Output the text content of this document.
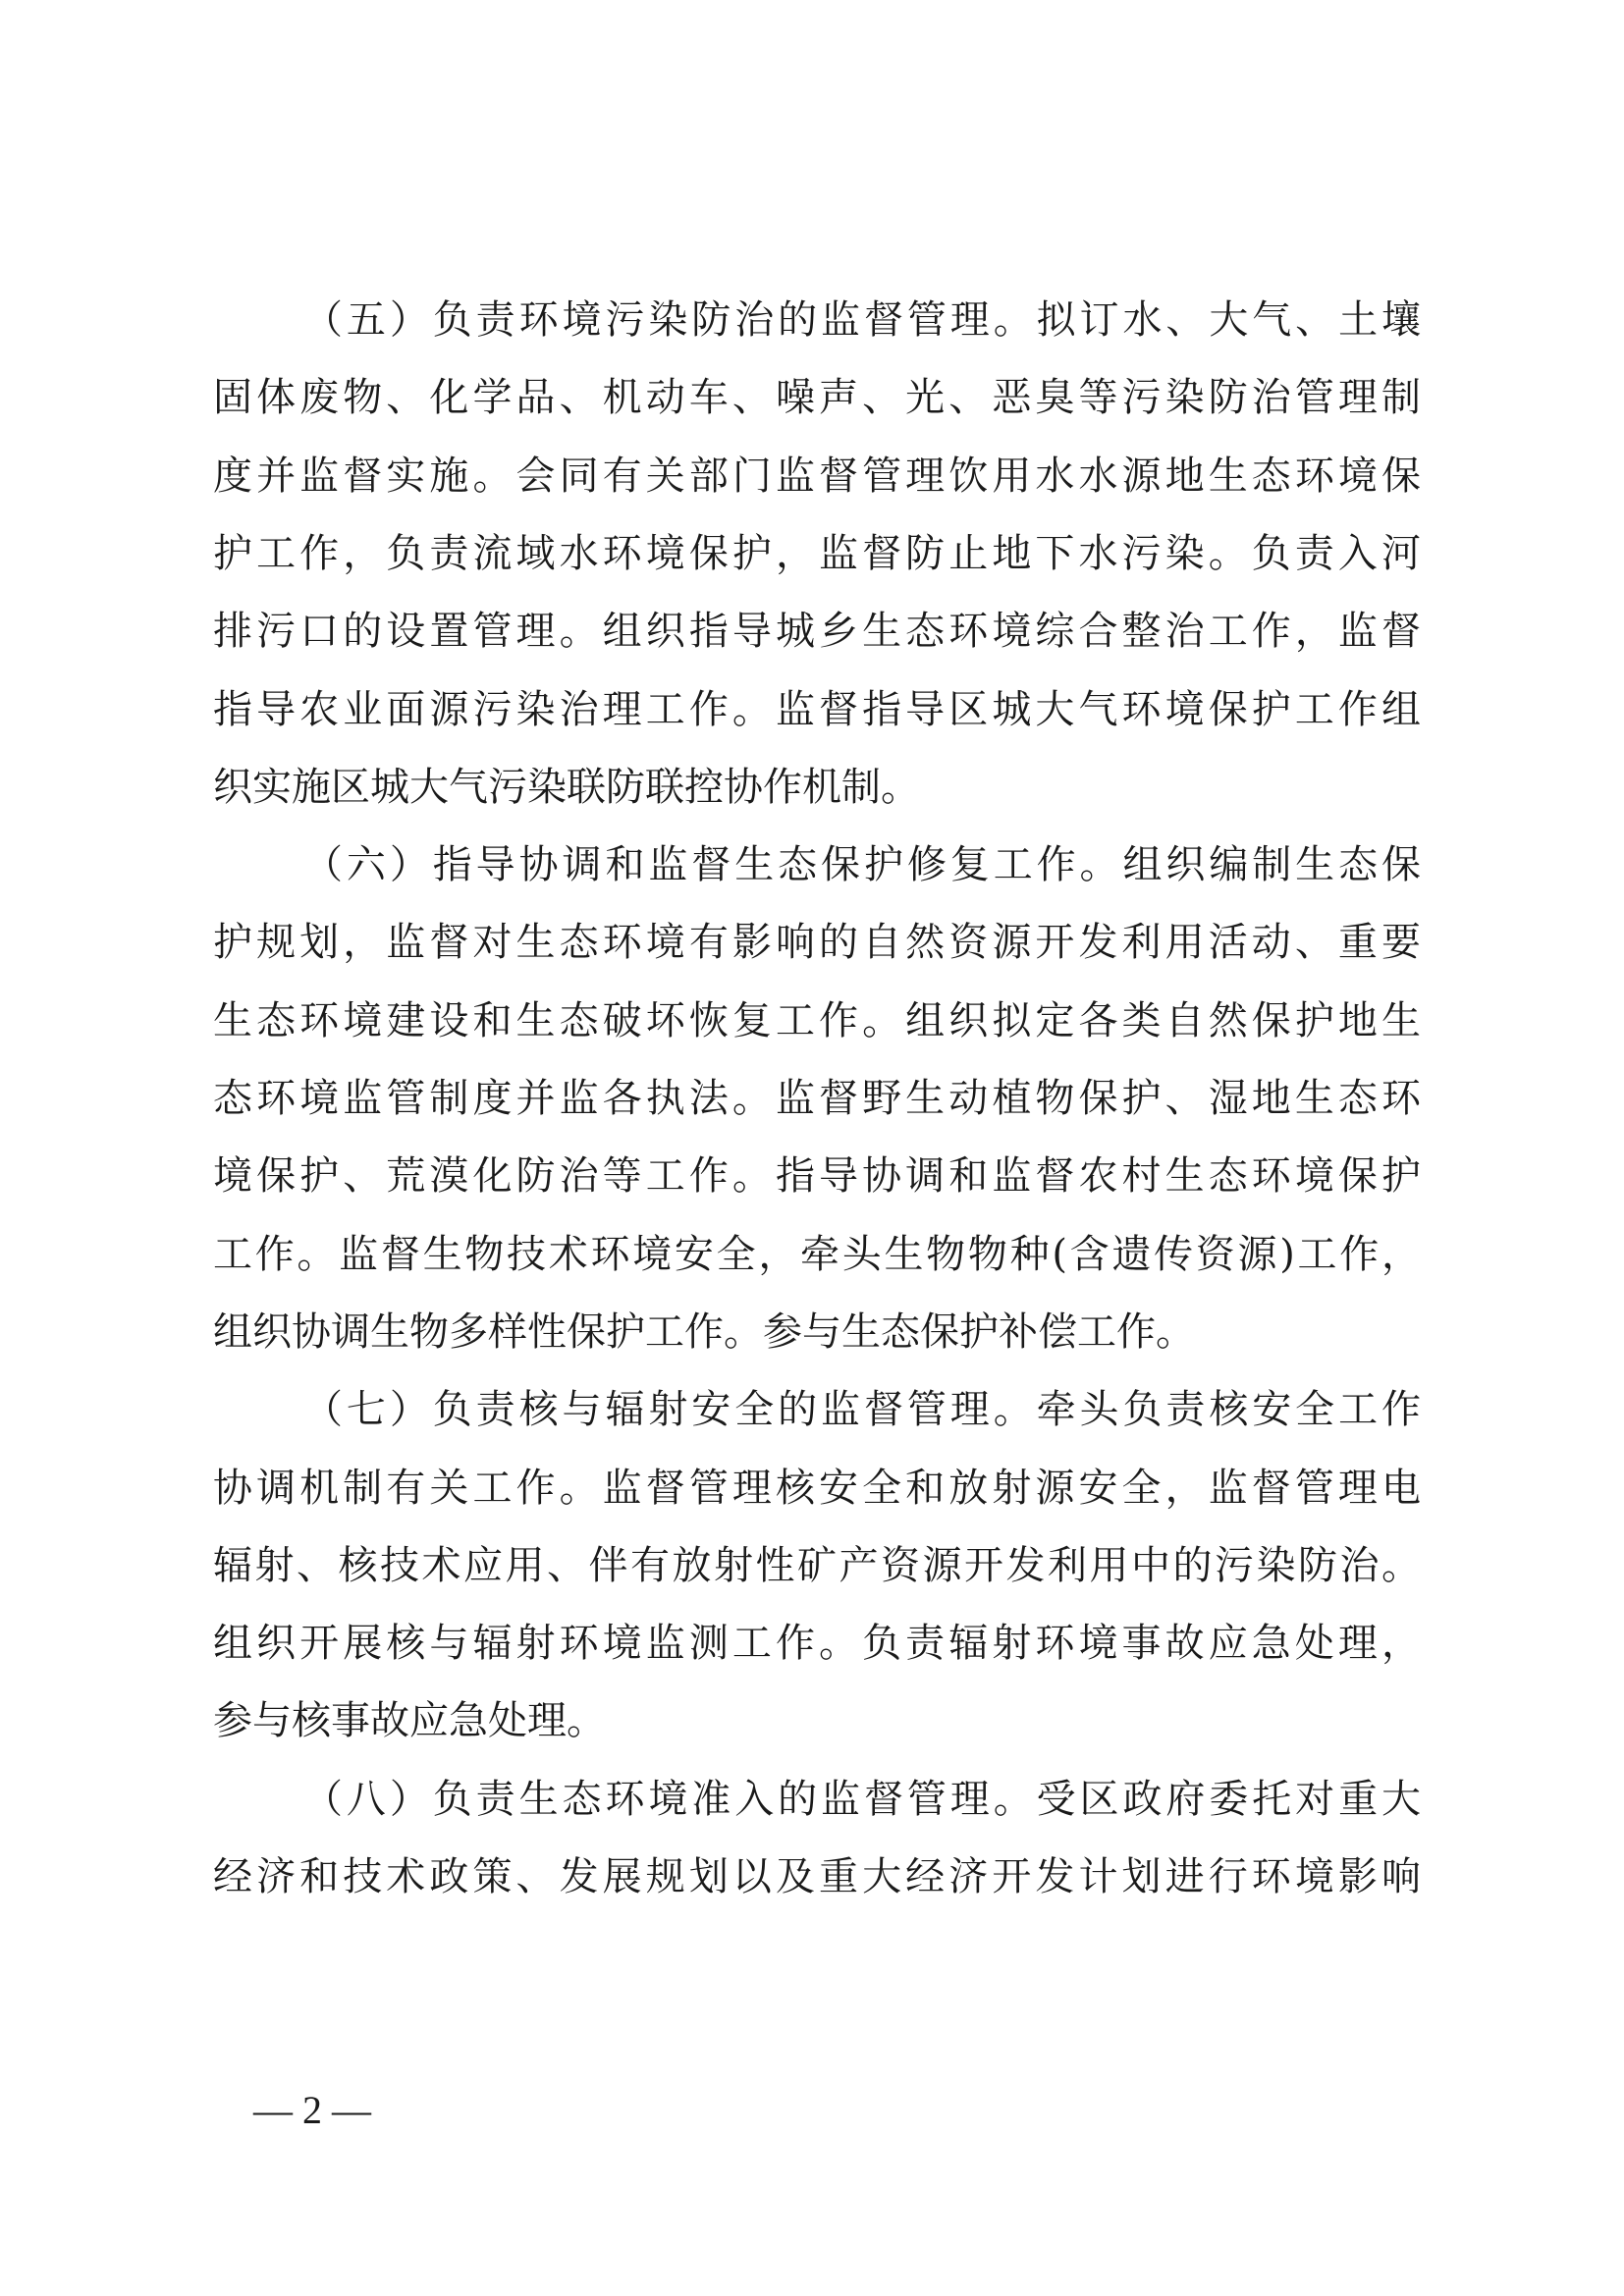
（五）负责环境污染防治的监督管理。拟订水、大气、土壤
固体废物、化学品、机动车、噪声、光、恶臭等污染防治管理制
度并监督实施。会同有关部门监督管理饮用水水源地生态环境保
护工作，负责流域水环境保护，监督防止地下水污染。负责入河
排污口的设置管理。组织指导城乡生态环境综合整治工作，监督
指导农业面源污染治理工作。监督指导区城大气环境保护工作组
织实施区城大气污染联防联控协作机制。
（六）指导协调和监督生态保护修复工作。组织编制生态保
护规划，监督对生态环境有影响的自然资源开发利用活动、重要
生态环境建设和生态破坏恢复工作。组织拟定各类自然保护地生
态环境监管制度并监各执法。监督野生动植物保护、湿地生态环
境保护、荒漠化防治等工作。指导协调和监督农村生态环境保护
工作。监督生物技术环境安全，牵头生物物种(含遗传资源)工作，
组织协调生物多样性保护工作。参与生态保护补偿工作。
（七）负责核与辐射安全的监督管理。牵头负责核安全工作
协调机制有关工作。监督管理核安全和放射源安全，监督管理电
辐射、核技术应用、伴有放射性矿产资源开发利用中的污染防治。
组织开展核与辐射环境监测工作。负责辐射环境事故应急处理，
参与核事故应急处理。
（八）负责生态环境准入的监督管理。受区政府委托对重大
经济和技术政策、发展规划以及重大经济开发计划进行环境影响
— 2 —
